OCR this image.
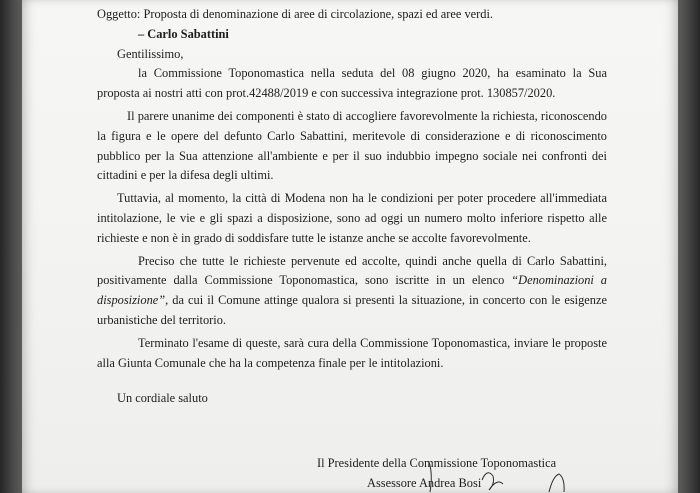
Oggetto: Proposta di denominazione di aree di circolazione, spazi ed aree verdi.

– Carlo Sabattini

Gentilissimo,

la Commissione Toponomastica nella seduta del 08 giugno 2020, ha esaminato la Sua proposta ai nostri atti con prot.42488/2019 e con successiva integrazione prot. 130857/2020.

Il parere unanime dei componenti è stato di accogliere favorevolmente la richiesta, riconoscendo la figura e le opere del defunto Carlo Sabattini, meritevole di considerazione e di riconoscimento pubblico per la Sua attenzione all'ambiente e per il suo indubbio impegno sociale nei confronti dei cittadini e per la difesa degli ultimi.

Tuttavia, al momento, la città di Modena non ha le condizioni per poter procedere all'immediata intitolazione, le vie e gli spazi a disposizione, sono ad oggi un numero molto inferiore rispetto alle richieste e non è in grado di soddisfare tutte le istanze anche se accolte favorevolmente.

Preciso che tutte le richieste pervenute ed accolte, quindi anche quella di Carlo Sabattini, positivamente dalla Commissione Toponomastica, sono iscritte in un elenco “Denominazioni a disposizione”, da cui il Comune attinge qualora si presenti la situazione, in concerto con le esigenze urbanistiche del territorio.

Terminato l'esame di queste, sarà cura della Commissione Toponomastica, inviare le proposte alla Giunta Comunale che ha la competenza finale per le intitolazioni.

Un cordiale saluto

Il Presidente della Commissione Toponomastica

Assessore Andrea Bosi
